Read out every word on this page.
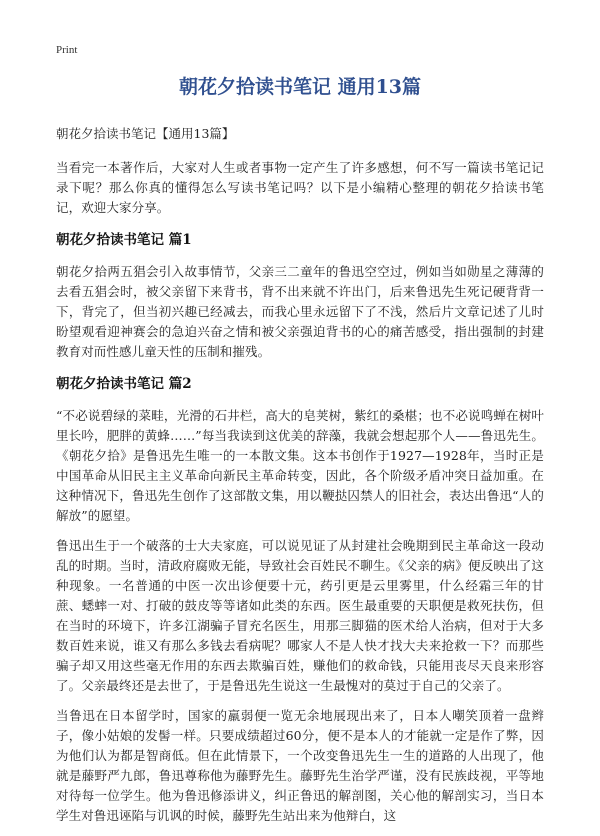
Print
朝花夕拾读书笔记 通用13篇
朝花夕拾读书笔记【通用13篇】

当看完一本著作后，大家对人生或者事物一定产生了许多感想，何不写一篇读书笔记记录下呢？那么你真的懂得怎么写读书笔记吗？以下是小编精心整理的朝花夕拾读书笔记，欢迎大家分享。

朝花夕拾读书笔记 篇1

朝花夕拾两五猖会引入故事情节，父亲三二童年的鲁迅空空过，例如当如勋星之薄薄的去看五猖会时，被父亲留下来背书，背不出来就不许出门，后来鲁迅先生死记硬背背一下，背完了，但当初兴趣已经减去，而我心里永远留下了不浅，然后片文章记述了儿时盼望观看迎神赛会的急迫兴奋之情和被父亲强迫背书的心的痛苦感受，指出强制的封建教育对而性感儿童天性的压制和摧残。

朝花夕拾读书笔记 篇2

“不必说碧绿的菜畦，光滑的石井栏，高大的皂荚树，紫红的桑椹；也不必说鸣蝉在树叶里长吟，肥胖的黄蜂……”每当我读到这优美的辞藻，我就会想起那个人——鲁迅先生。《朝花夕拾》是鲁迅先生唯一的一本散文集。这本书创作于1927—1928年，当时正是中国革命从旧民主主义革命向新民主革命转变，因此，各个阶级矛盾冲突日益加重。在这种情况下，鲁迅先生创作了这部散文集，用以鞭挞囚禁人的旧社会，表达出鲁迅“人的解放”的愿望。

鲁迅出生于一个破落的士大夫家庭，可以说见证了从封建社会晚期到民主革命这一段动乱的时期。当时，清政府腐败无能，导致社会百姓民不聊生。《父亲的病》便反映出了这种现象。一名普通的中医一次出诊便要十元，药引更是云里雾里，什么经霜三年的甘蔗、蟋蟀一对、打破的鼓皮等等诸如此类的东西。医生最重要的天职便是救死扶伤，但在当时的环境下，许多江湖骗子冒充名医生，用那三脚猫的医术给人治病，但对于大多数百姓来说，谁又有那么多钱去看病呢？哪家人不是人快才找大夫来抢救一下？而那些骗子却又用这些毫无作用的东西去欺骗百姓，赚他们的救命钱，只能用丧尽天良来形容了。父亲最终还是去世了，于是鲁迅先生说这一生最愧对的莫过于自己的父亲了。

当鲁迅在日本留学时，国家的羸弱便一览无余地展现出来了，日本人嘲笑顶着一盘辫子，像小姑娘的发髻一样。只要成绩超过60分，便不是本人的才能就一定是作了弊，因为他们认为都是智商低。但在此情景下，一个改变鲁迅先生一生的道路的人出现了，他就是藤野严九郎，鲁迅尊称他为藤野先生。藤野先生治学严谨，没有民族歧视，平等地对待每一位学生。他为鲁迅修添讲义，纠正鲁迅的解剖图，关心他的解剖实习，当日本学生对鲁迅诬陷与讥讽的时候，藤野先生站出来为他辩白，这
